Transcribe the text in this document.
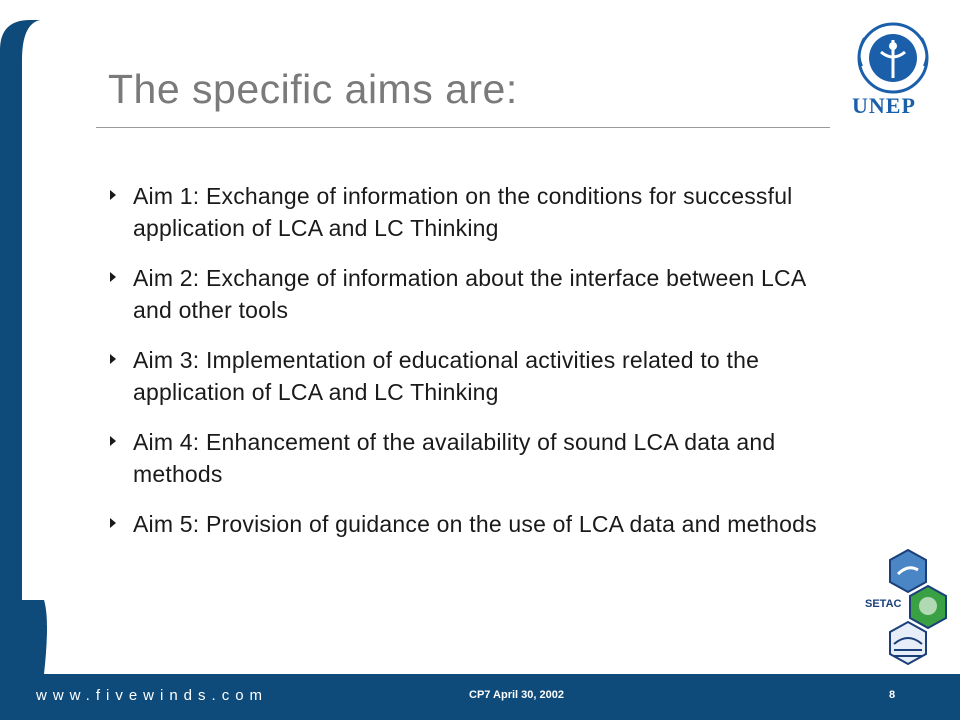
UNEP
The specific aims are:
Aim 1: Exchange of information on the conditions for successful application of LCA and LC Thinking
Aim 2: Exchange of information about the interface between LCA and other tools
Aim 3: Implementation of educational activities related to the application of LCA and LC Thinking
Aim 4: Enhancement of the availability of sound LCA data and methods
Aim 5: Provision of guidance on the use of LCA data and methods
SETAC
www.fivewinds.com	CP7 April 30, 2002	8
